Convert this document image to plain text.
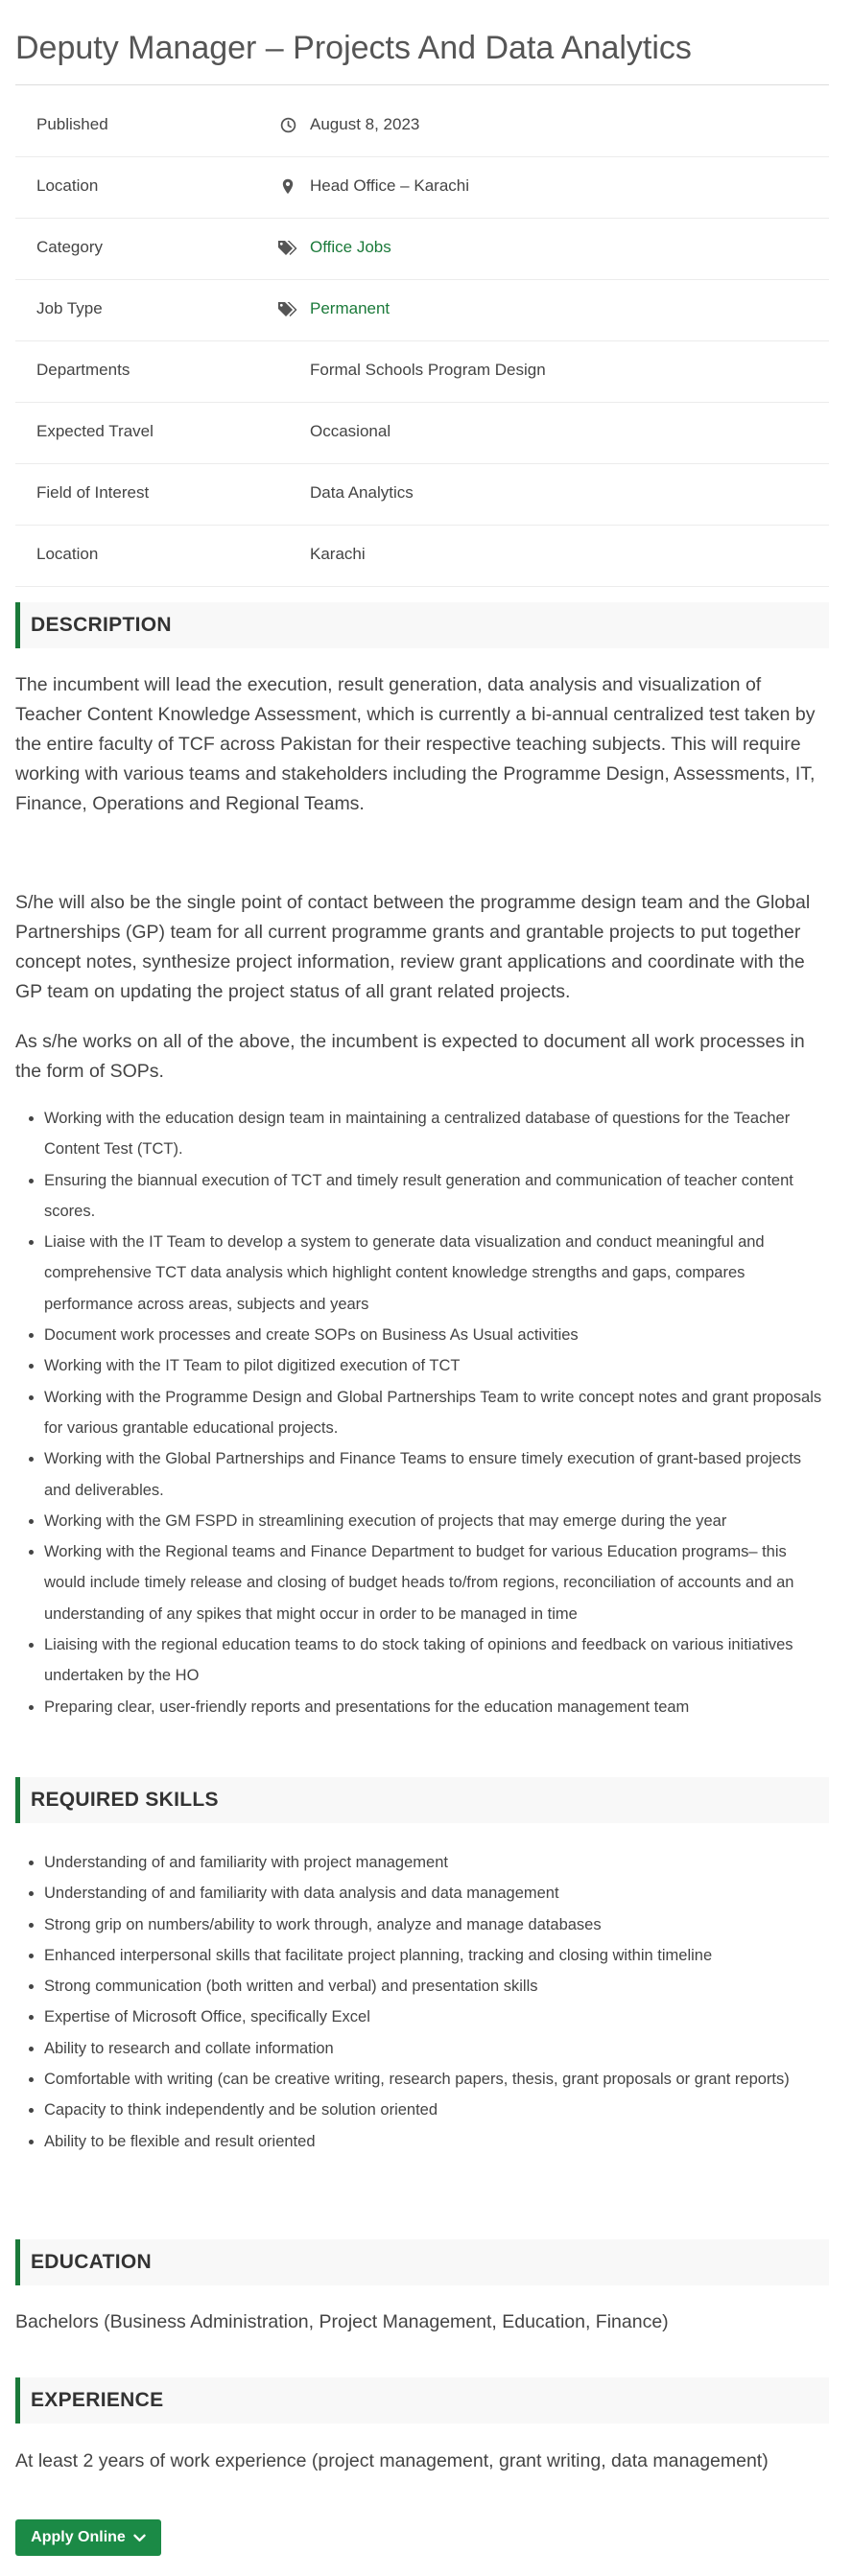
Deputy Manager – Projects And Data Analytics
Published	August 8, 2023
Location	Head Office – Karachi
Category	Office Jobs
Job Type	Permanent
Departments	Formal Schools Program Design
Expected Travel	Occasional
Field of Interest	Data Analytics
Location	Karachi
DESCRIPTION

The incumbent will lead the execution, result generation, data analysis and visualization of Teacher Content Knowledge Assessment, which is currently a bi-annual centralized test taken by the entire faculty of TCF across Pakistan for their respective teaching subjects. This will require working with various teams and stakeholders including the Programme Design, Assessments, IT, Finance, Operations and Regional Teams.

S/he will also be the single point of contact between the programme design team and the Global Partnerships (GP) team for all current programme grants and grantable projects to put together concept notes, synthesize project information, review grant applications and coordinate with the GP team on updating the project status of all grant related projects.

As s/he works on all of the above, the incumbent is expected to document all work processes in the form of SOPs.

• Working with the education design team in maintaining a centralized database of questions for the Teacher Content Test (TCT).
• Ensuring the biannual execution of TCT and timely result generation and communication of teacher content scores.
• Liaise with the IT Team to develop a system to generate data visualization and conduct meaningful and comprehensive TCT data analysis which highlight content knowledge strengths and gaps, compares performance across areas, subjects and years
• Document work processes and create SOPs on Business As Usual activities
• Working with the IT Team to pilot digitized execution of TCT
• Working with the Programme Design and Global Partnerships Team to write concept notes and grant proposals for various grantable educational projects.
• Working with the Global Partnerships and Finance Teams to ensure timely execution of grant-based projects and deliverables.
• Working with the GM FSPD in streamlining execution of projects that may emerge during the year
• Working with the Regional teams and Finance Department to budget for various Education programs– this would include timely release and closing of budget heads to/from regions, reconciliation of accounts and an understanding of any spikes that might occur in order to be managed in time
• Liaising with the regional education teams to do stock taking of opinions and feedback on various initiatives undertaken by the HO
• Preparing clear, user-friendly reports and presentations for the education management team
REQUIRED SKILLS
• Understanding of and familiarity with project management
• Understanding of and familiarity with data analysis and data management
• Strong grip on numbers/ability to work through, analyze and manage databases
• Enhanced interpersonal skills that facilitate project planning, tracking and closing within timeline
• Strong communication (both written and verbal) and presentation skills
• Expertise of Microsoft Office, specifically Excel
• Ability to research and collate information
• Comfortable with writing (can be creative writing, research papers, thesis, grant proposals or grant reports)
• Capacity to think independently and be solution oriented
• Ability to be flexible and result oriented
EDUCATION

Bachelors (Business Administration, Project Management, Education, Finance)

EXPERIENCE

At least 2 years of work experience (project management, grant writing, data management)

Apply Online
